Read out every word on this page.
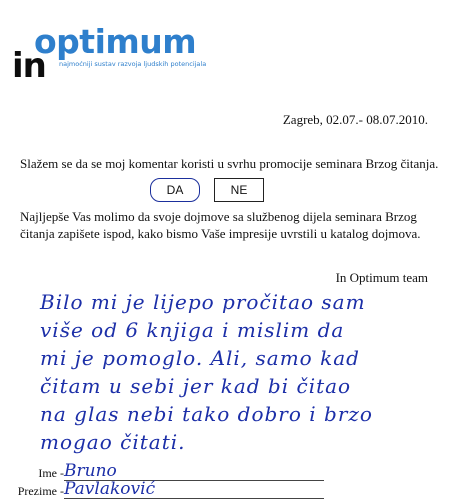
optimum
in najmoćniji sustav razvoja ljudskih potencijala
Zagreb, 02.07.- 08.07.2010.
Slažem se da se moj komentar koristi u svrhu promocije seminara Brzog čitanja.
DA	NE
Najljepše Vas molimo da svoje dojmove sa službenog dijela seminara Brzog čitanja zapišete ispod, kako bismo Vaše impresije uvrstili u katalog dojmova.
In Optimum team
Bilo mi je lijepo pročitao sam
više od 6 knjiga i mislim da
mi je pomoglo. Ali, samo kad
čitam u sebi jer kad bi čitao
na glas nebi tako dobro i brzo
mogao čitati.
Ime - Bruno
Prezime - Pavlaković
